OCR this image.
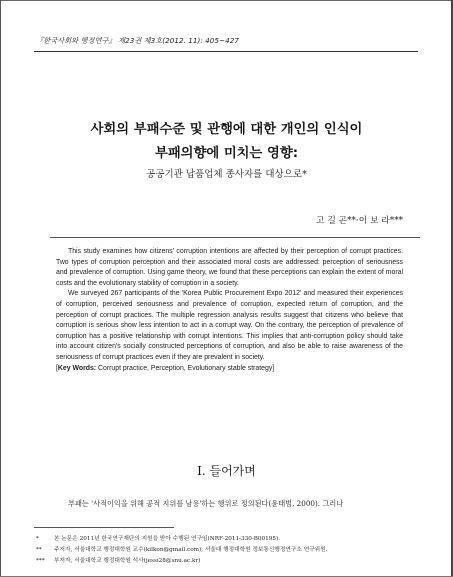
『한국사회와 행정연구』 제23권 제3호(2012. 11): 405~427
사회의 부패수준 및 관행에 대한 개인의 인식이
부패의향에 미치는 영향:
공공기관 납품업체 종사자를 대상으로*
고 길 곤**·이 보 라***

This study examines how citizens' corruption intentions are affected by their perception of corrupt practices. Two types of corruption perception and their associated moral costs are addressed: perception of seriousness and prevalence of corruption. Using game theory, we found that these perceptions can explain the extent of moral costs and the evolutionary stability of corruption in a society.

We surveyed 267 participants of the 'Korea Public Procurement Expo 2012' and measured their experiences of corruption, perceived seriousness and prevalence of corruption, expected return of corruption, and the perception of corrupt practices. The multiple regression analysis results suggest that citizens who believe that corruption is serious show less intention to act in a corrupt way. On the contrary, the perception of prevalence of corruption has a positive relationship with corrupt intentions. This implies that anti-corruption policy should take into account citizen's socially constructed perceptions of corruption, and also be able to raise awareness of the seriousness of corrupt practices even if they are prevalent in society.

[Key Words: Corrupt practice, Perception, Evolutionary stable strategy]

Ⅰ. 들어가며
부패는 '사적이익을 위해 공적 지위를 남용'하는 행위로 정의된다(윤태범, 2000). 그러나
*	본 논문은 2011년 한국연구재단의 지원을 받아 수행된 연구임(NRF-2011-330-B00195).
** 주저자, 서울대학교 행정대학원 교수(kilkon@gmail.com), 서울대 행정대학원 정보통신행정연구소 연구위원.
*** 부저자, 서울대학교 행정대학원 석사(jessi28@snu.ac.kr)
